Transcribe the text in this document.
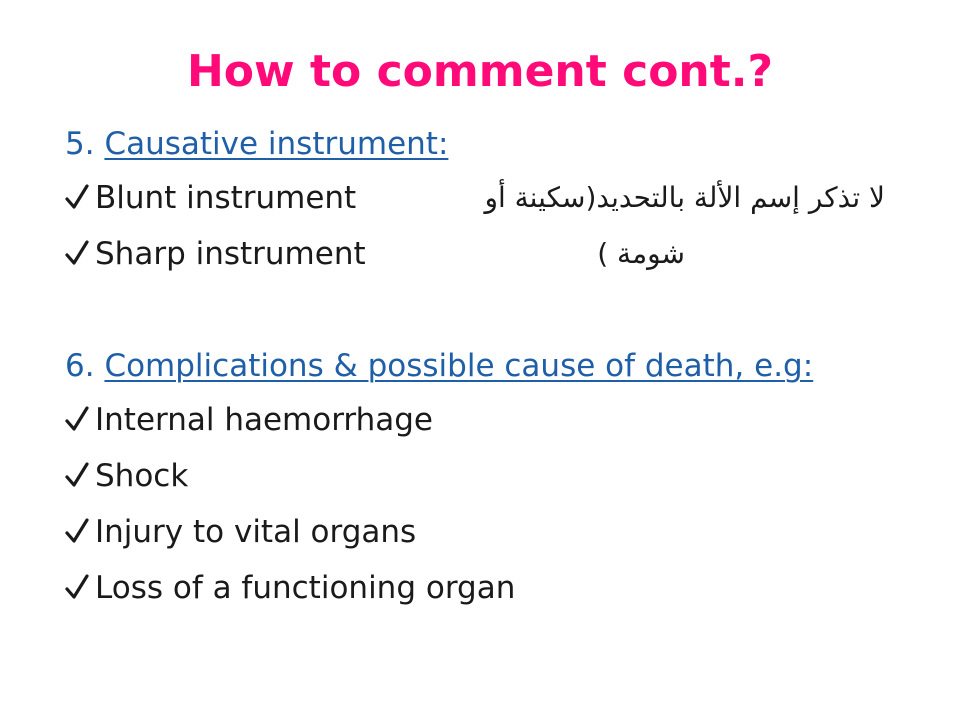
How to comment cont.?
5. Causative instrument:
Blunt instrument
Sharp instrument
لا تذكر إسم الألة بالتحديد(سكينة أو
شومة )
6. Complications & possible cause of death, e.g:
Internal haemorrhage
Shock
Injury to vital organs
Loss of a functioning organ
